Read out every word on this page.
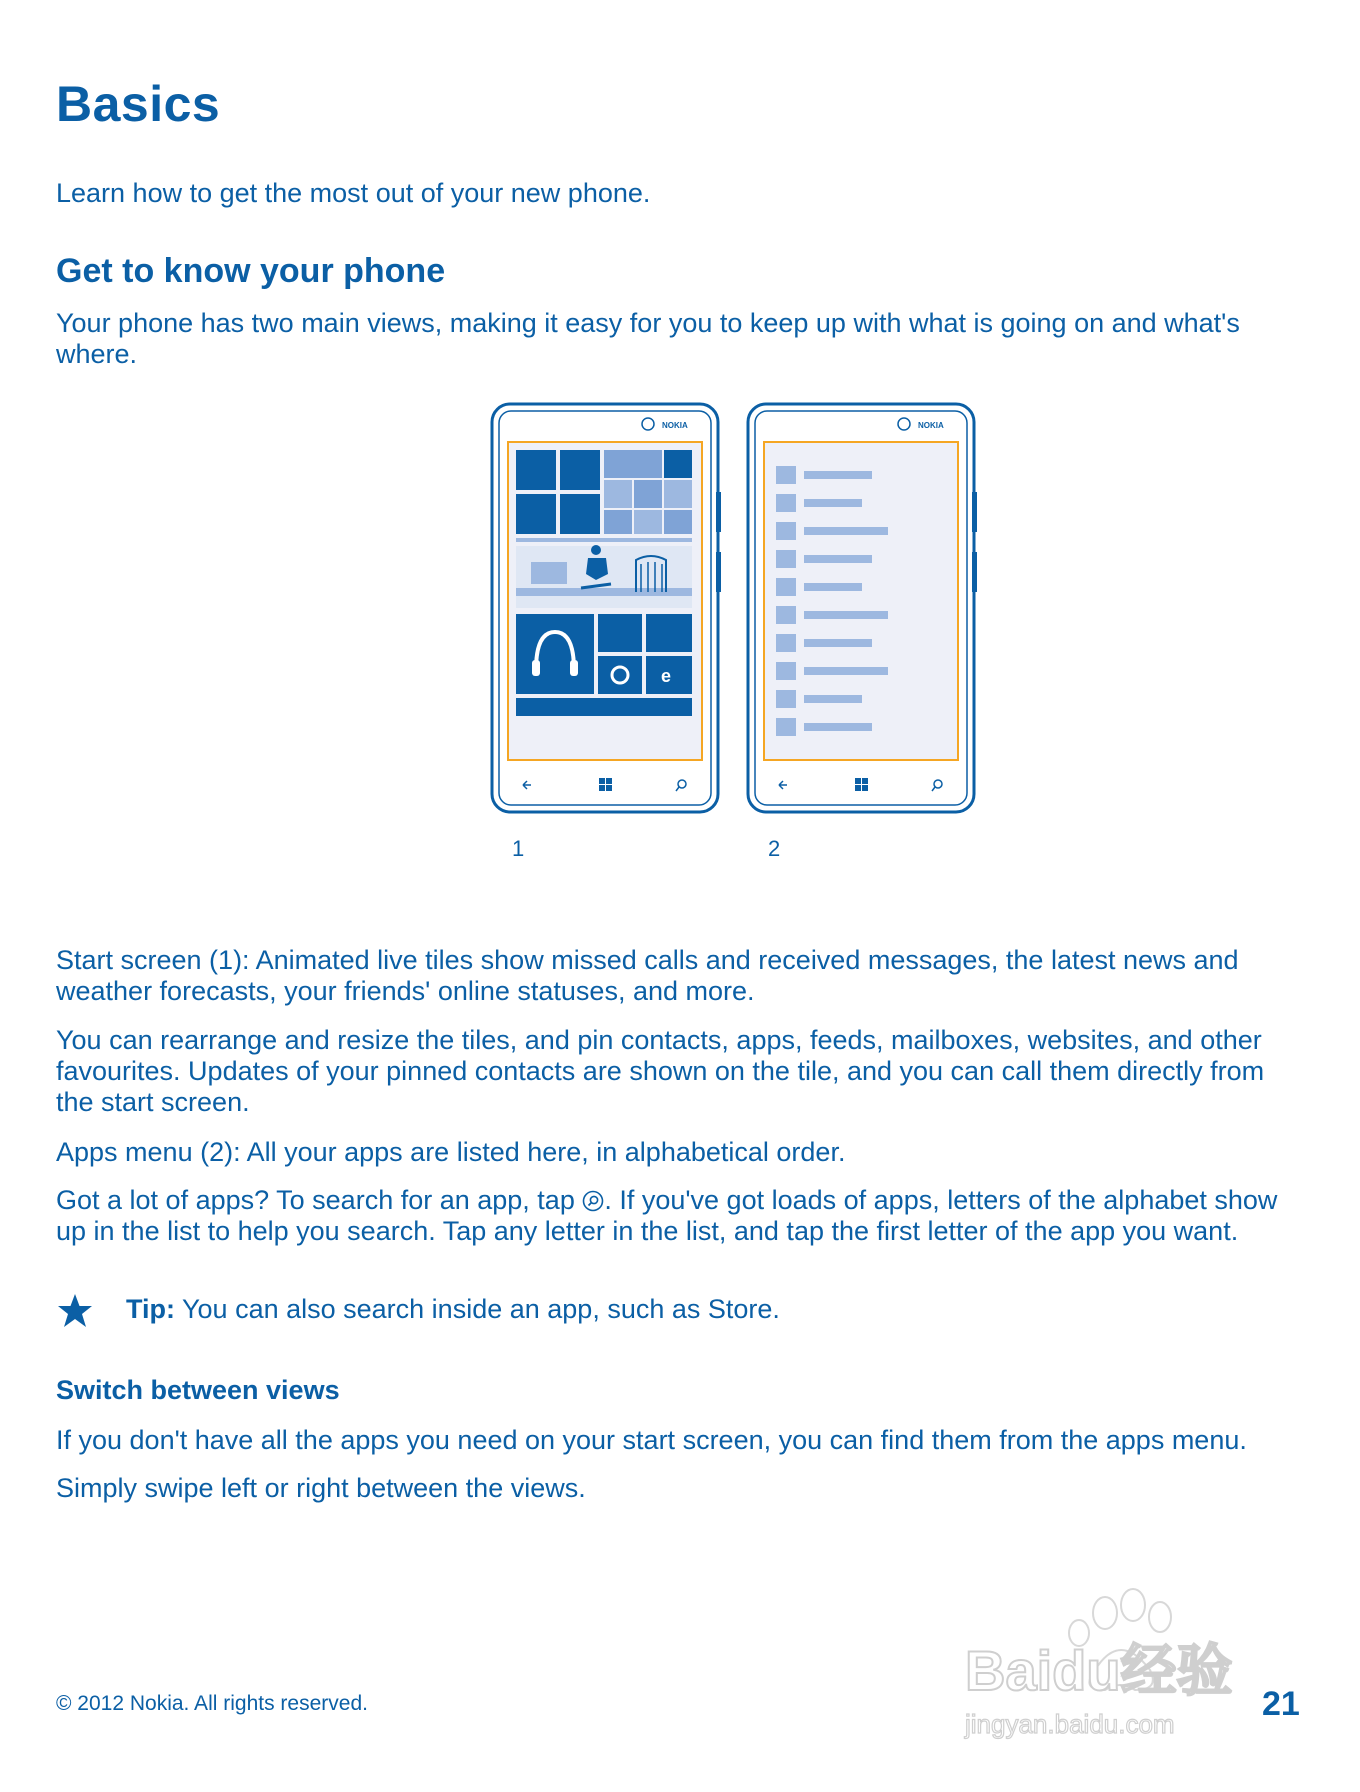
Basics

Learn how to get the most out of your new phone.

Get to know your phone

Your phone has two main views, making it easy for you to keep up with what is going on and what's where.

NOKIA
e
NOKIA

1	2

Start screen (1): Animated live tiles show missed calls and received messages, the latest news and weather forecasts, your friends' online statuses, and more.

You can rearrange and resize the tiles, and pin contacts, apps, feeds, mailboxes, websites, and other favourites. Updates of your pinned contacts are shown on the tile, and you can call them directly from the start screen.

Apps menu (2): All your apps are listed here, in alphabetical order.

Got a lot of apps? To search for an app, tap . If you've got loads of apps, letters of the alphabet show up in the list to help you search. Tap any letter in the list, and tap the first letter of the app you want.

Tip: You can also search inside an app, such as Store.

Switch between views

If you don't have all the apps you need on your start screen, you can find them from the apps menu.

Simply swipe left or right between the views.

© 2012 Nokia. All rights reserved.	21

Baidu经验
jingyan.baidu.com
